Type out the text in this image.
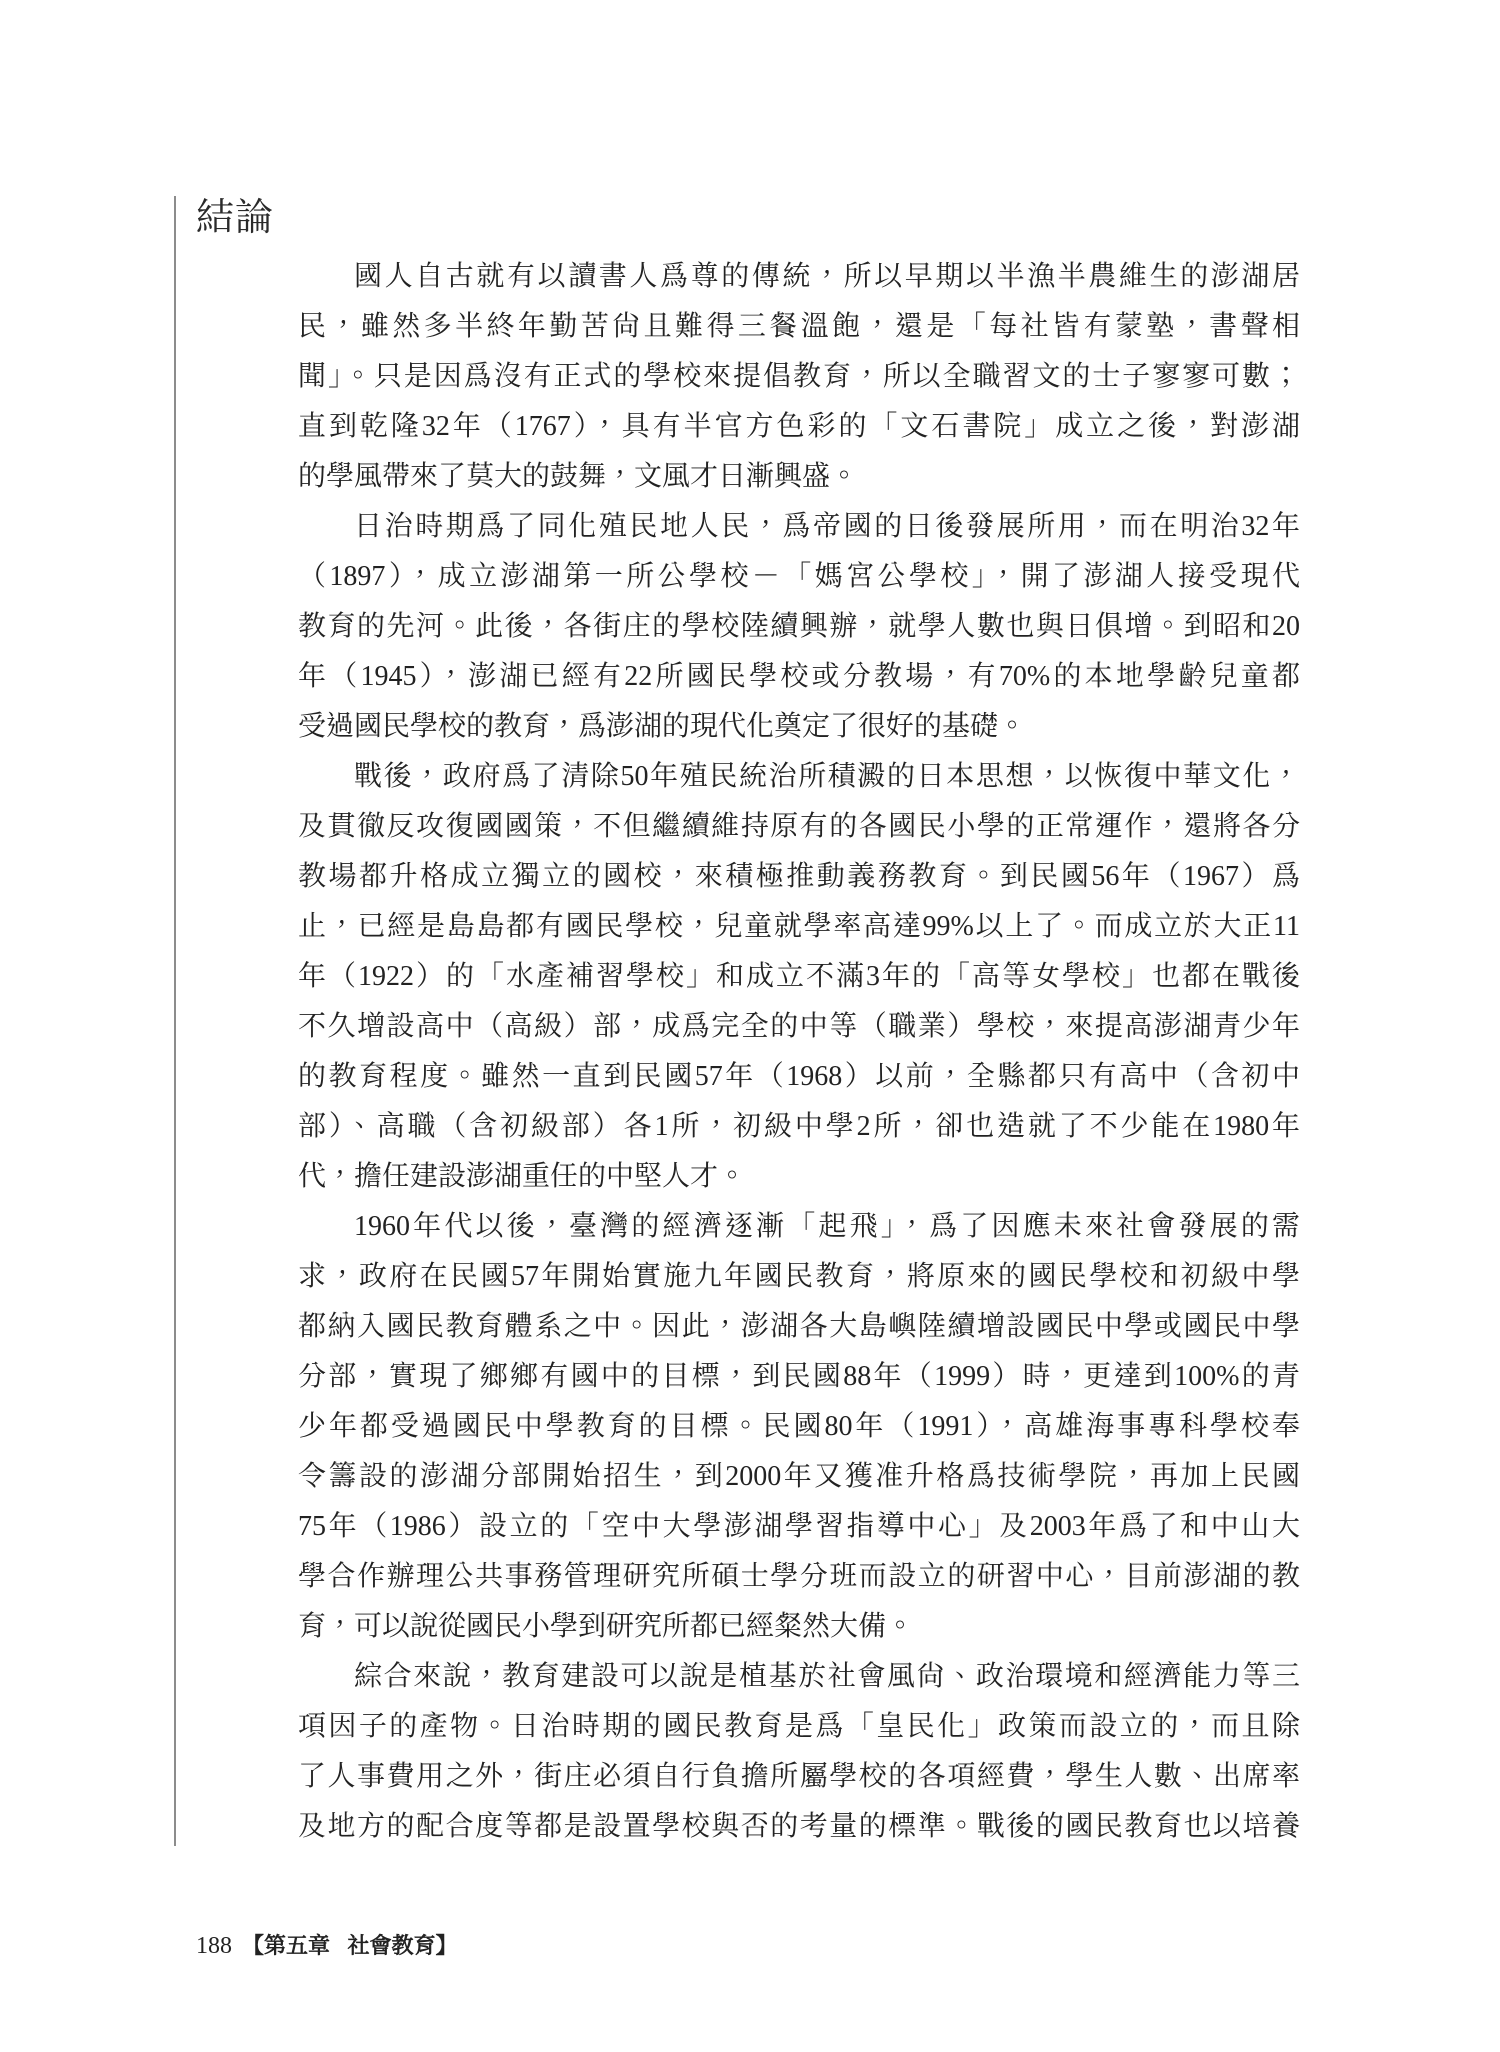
結論
國人自古就有以讀書人爲尊的傳統，所以早期以半漁半農維生的澎湖居
民，雖然多半終年勤苦尙且難得三餐溫飽，還是「每社皆有蒙塾，書聲相
聞」。只是因爲沒有正式的學校來提倡教育，所以全職習文的士子寥寥可數；
直到乾隆32年（1767），具有半官方色彩的「文石書院」成立之後，對澎湖
的學風帶來了莫大的鼓舞，文風才日漸興盛。
日治時期爲了同化殖民地人民，爲帝國的日後發展所用，而在明治32年
（1897），成立澎湖第一所公學校－「媽宮公學校」，開了澎湖人接受現代
教育的先河。此後，各街庄的學校陸續興辦，就學人數也與日俱增。到昭和20
年（1945），澎湖已經有22所國民學校或分教場，有70%的本地學齡兒童都
受過國民學校的教育，爲澎湖的現代化奠定了很好的基礎。
戰後，政府爲了清除50年殖民統治所積澱的日本思想，以恢復中華文化，
及貫徹反攻復國國策，不但繼續維持原有的各國民小學的正常運作，還將各分
教場都升格成立獨立的國校，來積極推動義務教育。到民國56年（1967）爲
止，已經是島島都有國民學校，兒童就學率高達99%以上了。而成立於大正11
年（1922）的「水產補習學校」和成立不滿3年的「高等女學校」也都在戰後
不久增設高中（高級）部，成爲完全的中等（職業）學校，來提高澎湖青少年
的教育程度。雖然一直到民國57年（1968）以前，全縣都只有高中（含初中
部）、高職（含初級部）各1所，初級中學2所，卻也造就了不少能在1980年
代，擔任建設澎湖重任的中堅人才。
1960年代以後，臺灣的經濟逐漸「起飛」，爲了因應未來社會發展的需
求，政府在民國57年開始實施九年國民教育，將原來的國民學校和初級中學
都納入國民教育體系之中。因此，澎湖各大島嶼陸續增設國民中學或國民中學
分部，實現了鄉鄉有國中的目標，到民國88年（1999）時，更達到100%的青
少年都受過國民中學教育的目標。民國80年（1991），高雄海事專科學校奉
令籌設的澎湖分部開始招生，到2000年又獲准升格爲技術學院，再加上民國
75年（1986）設立的「空中大學澎湖學習指導中心」及2003年爲了和中山大
學合作辦理公共事務管理研究所碩士學分班而設立的研習中心，目前澎湖的教
育，可以說從國民小學到研究所都已經粲然大備。
綜合來說，教育建設可以說是植基於社會風尙、政治環境和經濟能力等三
項因子的產物。日治時期的國民教育是爲「皇民化」政策而設立的，而且除
了人事費用之外，街庄必須自行負擔所屬學校的各項經費，學生人數、出席率
及地方的配合度等都是設置學校與否的考量的標準。戰後的國民教育也以培養
188 【第五章 社會教育】
